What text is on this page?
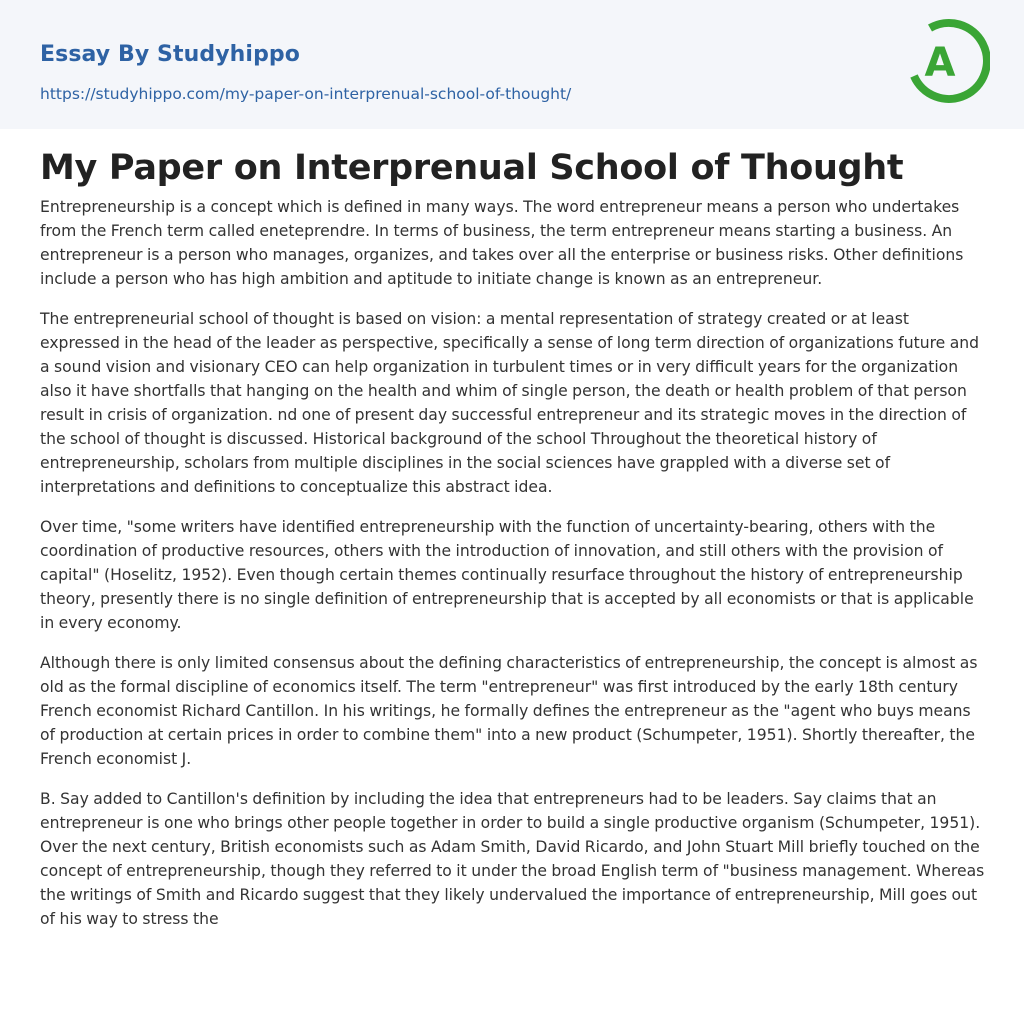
Essay By Studyhippo
https://studyhippo.com/my-paper-on-interprenual-school-of-thought/
A
My Paper on Interprenual School of Thought

Entrepreneurship is a concept which is defined in many ways. The word entrepreneur means a person who undertakes from the French term called eneteprendre. In terms of business, the term entrepreneur means starting a business. An entrepreneur is a person who manages, organizes, and takes over all the enterprise or business risks. Other definitions include a person who has high ambition and aptitude to initiate change is known as an entrepreneur.

The entrepreneurial school of thought is based on vision: a mental representation of strategy created or at least expressed in the head of the leader as perspective, specifically a sense of long term direction of organizations future and a sound vision and visionary CEO can help organization in turbulent times or in very difficult years for the organization also it have shortfalls that hanging on the health and whim of single person, the death or health problem of that person result in crisis of organization. nd one of present day successful entrepreneur and its strategic moves in the direction of the school of thought is discussed. Historical background of the school Throughout the theoretical history of entrepreneurship, scholars from multiple disciplines in the social sciences have grappled with a diverse set of interpretations and definitions to conceptualize this abstract idea.

Over time, "some writers have identified entrepreneurship with the function of uncertainty-bearing, others with the coordination of productive resources, others with the introduction of innovation, and still others with the provision of capital" (Hoselitz, 1952). Even though certain themes continually resurface throughout the history of entrepreneurship theory, presently there is no single definition of entrepreneurship that is accepted by all economists or that is applicable in every economy.

Although there is only limited consensus about the defining characteristics of entrepreneurship, the concept is almost as old as the formal discipline of economics itself. The term "entrepreneur" was first introduced by the early 18th century French economist Richard Cantillon. In his writings, he formally defines the entrepreneur as the "agent who buys means of production at certain prices in order to combine them" into a new product (Schumpeter, 1951). Shortly thereafter, the French economist J.

B. Say added to Cantillon's definition by including the idea that entrepreneurs had to be leaders. Say claims that an entrepreneur is one who brings other people together in order to build a single productive organism (Schumpeter, 1951). Over the next century, British economists such as Adam Smith, David Ricardo, and John Stuart Mill briefly touched on the concept of entrepreneurship, though they referred to it under the broad English term of "business management. Whereas the writings of Smith and Ricardo suggest that they likely undervalued the importance of entrepreneurship, Mill goes out of his way to stress the
